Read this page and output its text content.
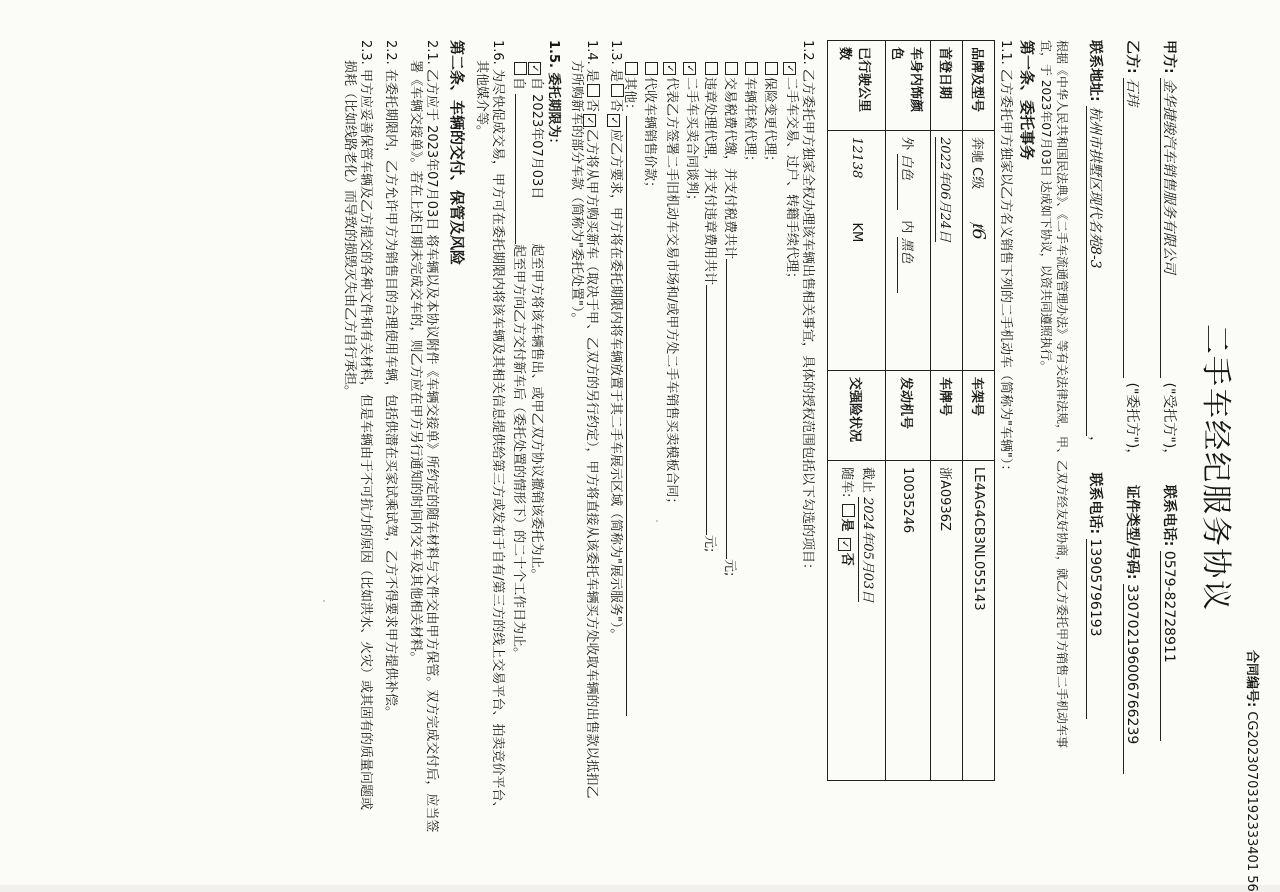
合同编号: CG20230703192333401 56
二手车经纪服务协议
甲方: 金华捷骏汽车销售服务有限公司 ("受托方")， 联系电话: 0579-82728911
乙方: 石玮 ("委托方")， 证件类型/号码: 330702196006766239
联系地址: 杭州市拱墅区现代名苑8-3， 联系电话: 13905796193
根据《中华人民共和国民法典》、《二手车流通管理办法》等有关法律法规，甲、乙双方经友好协商，就乙方委托甲方销售二手机动车事
宜，于 2023年07月03日 达成如下协议，以资共同遵照执行。
第一条、委托事务
1.1. 乙方委托甲方独家以乙方名义销售下列的二手机动车（简称为"车辆"）：
品牌及型号	奔驰 C级 ⱦ6	车架号	LE4AG4CB3NL055143
首登日期	2022年06月24日	车牌号	浙A0936Z
车身内饰颜色	外 白色 内 黑色	发动机号	10035246
已行驶公里数	12138 KM	交强险状况	截止 2024年05月03日
随车: 是 ✓否
1.2. 乙方委托甲方独家全权办理该车辆出售相关事宜，具体的授权范围包括以下勾选的项目：
✓二手车交易、过户、转籍手续代理；
保险变更代理；
车辆年检代理；
交易税费代缴，并支付税费共计元;
违章处理代理，并支付违章费用共计元;
✓二手车买卖合同谈判；
✓代表乙方签署二手旧机动车交易市场和/或甲方处二手车销售买卖模板合同；
代收车辆销售价款；
其他：
1.3. 是否✓应乙方要求，甲方将在委托期限内将车辆放置于其二手车展示区域（简称为"展示服务"）。
1.4. 是否✓乙方将从甲方购买新车（取决于甲、乙双方的另行约定），甲方将直接从该委托车辆买方处收取车辆的出售款以抵扣乙
方所购新车的部分车款（简称为"委托处置"）。
1.5. 委托期限为：
✓自 2023年07月03日 起至甲方将该车辆售出、或甲乙双方协议撤销该委托为止。
自 起至甲方向乙方交付新车后（委托处置的情形下）的二十个工作日为止。
1.6. 为尽快促成交易，甲方可在委托期限内将该车辆及其相关信息提供给第三方或发布于自有/第三方的线上交易平台、拍卖竞价平台、
其他媒介等。
第二条、车辆的交付、保管及风险
2.1. 乙方应于 2023年07月03日 将车辆以及本协议附件《车辆交接单》所约定的随车材料与文件交由甲方保管。双方完成交付后，应当签
署《车辆交接单》。若在上述日期未完成交车的，则乙方应在甲方另行通知的时间内交车及其他相关材料。
2.2. 在委托期限内，乙方允许甲方为销售目的合理使用车辆，包括供潜在买家试乘试驾，乙方不得要求甲方提供补偿。
2.3. 甲方应妥善保管车辆及乙方提交的各种文件和有关材料，但是车辆由于不可抗力的原因（比如洪水、火灾）或其固有的质量问题或
损耗（比如线路老化）而导致的损毁灭失由乙方自行承担。
